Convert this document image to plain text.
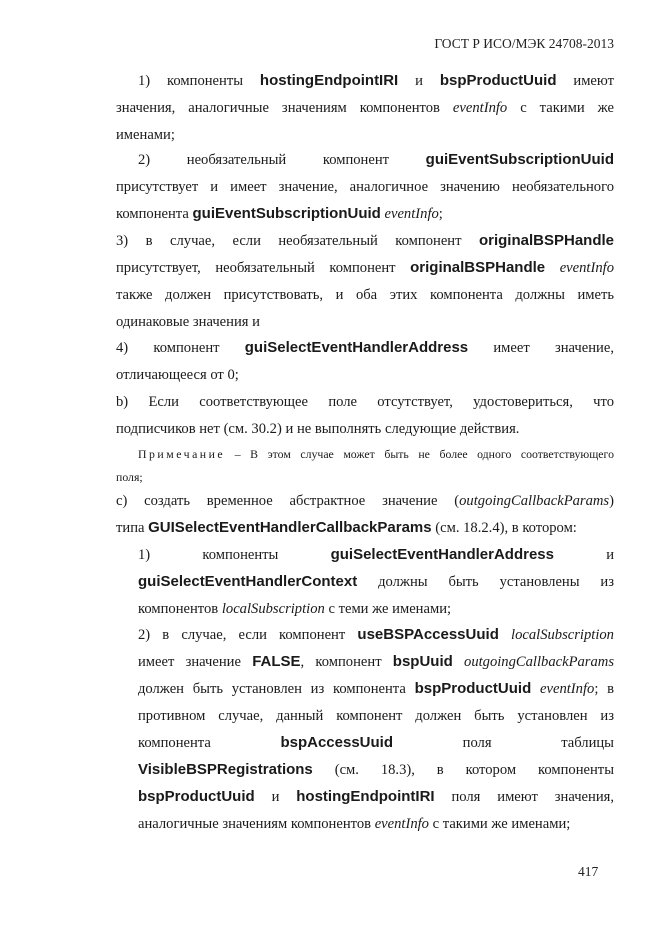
ГОСТ Р ИСО/МЭК 24708-2013
1) компоненты hostingEndpointIRI и bspProductUuid имеют
значения, аналогичные значениям компонентов eventInfo с такими же
именами;
2) необязательный	компонент guiEventSubscriptionUuid
присутствует и имеет значение, аналогичное значению необязательного
компонента guiEventSubscriptionUuid eventInfo;
3) в случае, если необязательный компонент originalBSPHandle
присутствует, необязательный компонент originalBSPHandle eventInfo
также должен присутствовать, и оба этих компонента должны иметь
одинаковые значения и
4) компонент guiSelectEventHandlerAddress имеет значение,
отличающееся от 0;
b) Если соответствующее поле отсутствует, удостовериться, что
подписчиков нет (см. 30.2) и не выполнять следующие действия.
Примечание – В этом случае может быть не более одного соответствующего
поля;
c) создать временное абстрактное значение (outgoingCallbackParams)
типа GUISelectEventHandlerCallbackParams (см. 18.2.4), в котором:
1) компоненты	guiSelectEventHandlerAddress	и
guiSelectEventHandlerContext должны быть установлены из
компонентов localSubscription с теми же именами;
2) в случае, если компонент useBSPAccessUuid localSubscription
имеет значение FALSE, компонент bspUuid outgoingCallbackParams
должен быть установлен из компонента bspProductUuid eventInfo; в
противном случае, данный компонент должен быть установлен из
компонента	bspAccessUuid	поля	таблицы
VisibleBSPRegistrations (см. 18.3), в котором компоненты
bspProductUuid и hostingEndpointIRI поля имеют значения,
аналогичные значениям компонентов eventInfo с такими же именами;
417
